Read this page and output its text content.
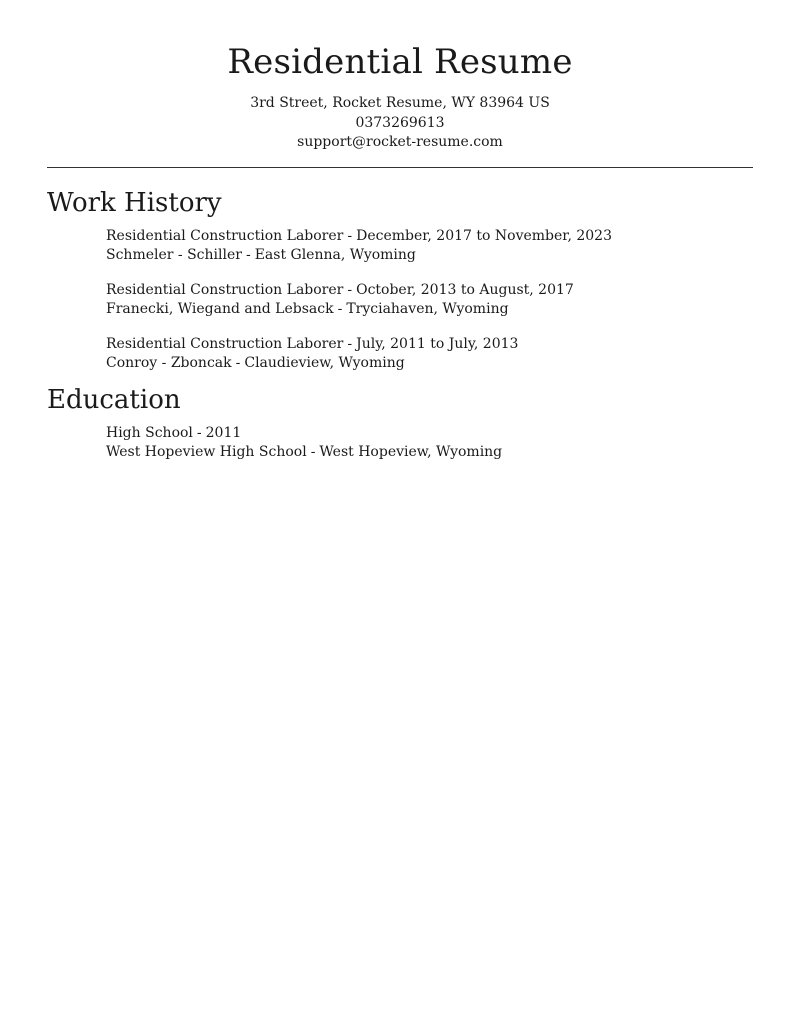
Residential Resume
3rd Street, Rocket Resume, WY 83964 US
0373269613
support@rocket-resume.com
Work History
Residential Construction Laborer - December, 2017 to November, 2023
Schmeler - Schiller - East Glenna, Wyoming
Residential Construction Laborer - October, 2013 to August, 2017
Franecki, Wiegand and Lebsack - Tryciahaven, Wyoming
Residential Construction Laborer - July, 2011 to July, 2013
Conroy - Zboncak - Claudieview, Wyoming
Education
High School - 2011
West Hopeview High School - West Hopeview, Wyoming
